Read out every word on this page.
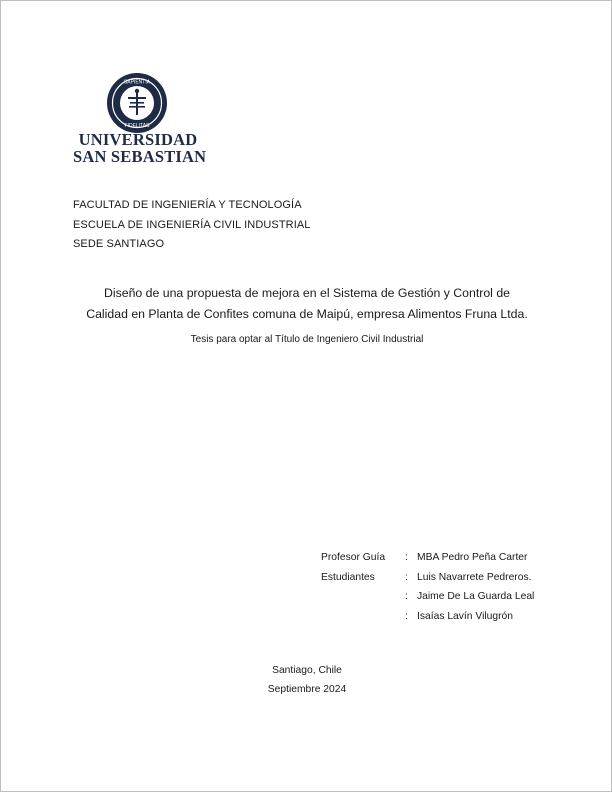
SAPIENTIA
FIDELITAS
UNIVERSIDAD
SAN SEBASTIAN
FACULTAD DE INGENIERÍA Y TECNOLOGÍA
ESCUELA DE INGENIERÍA CIVIL INDUSTRIAL
SEDE SANTIAGO
Diseño de una propuesta de mejora en el Sistema de Gestión y Control de
Calidad en Planta de Confites comuna de Maipú, empresa Alimentos Fruna Ltda.
Tesis para optar al Título de Ingeniero Civil Industrial
Profesor Guía : MBA Pedro Peña Carter
Estudiantes	: Luis Navarrete Pedreros.
: Jaime De La Guarda Leal
: Isaías Lavín Vilugrón
Santiago, Chile
Septiembre 2024
